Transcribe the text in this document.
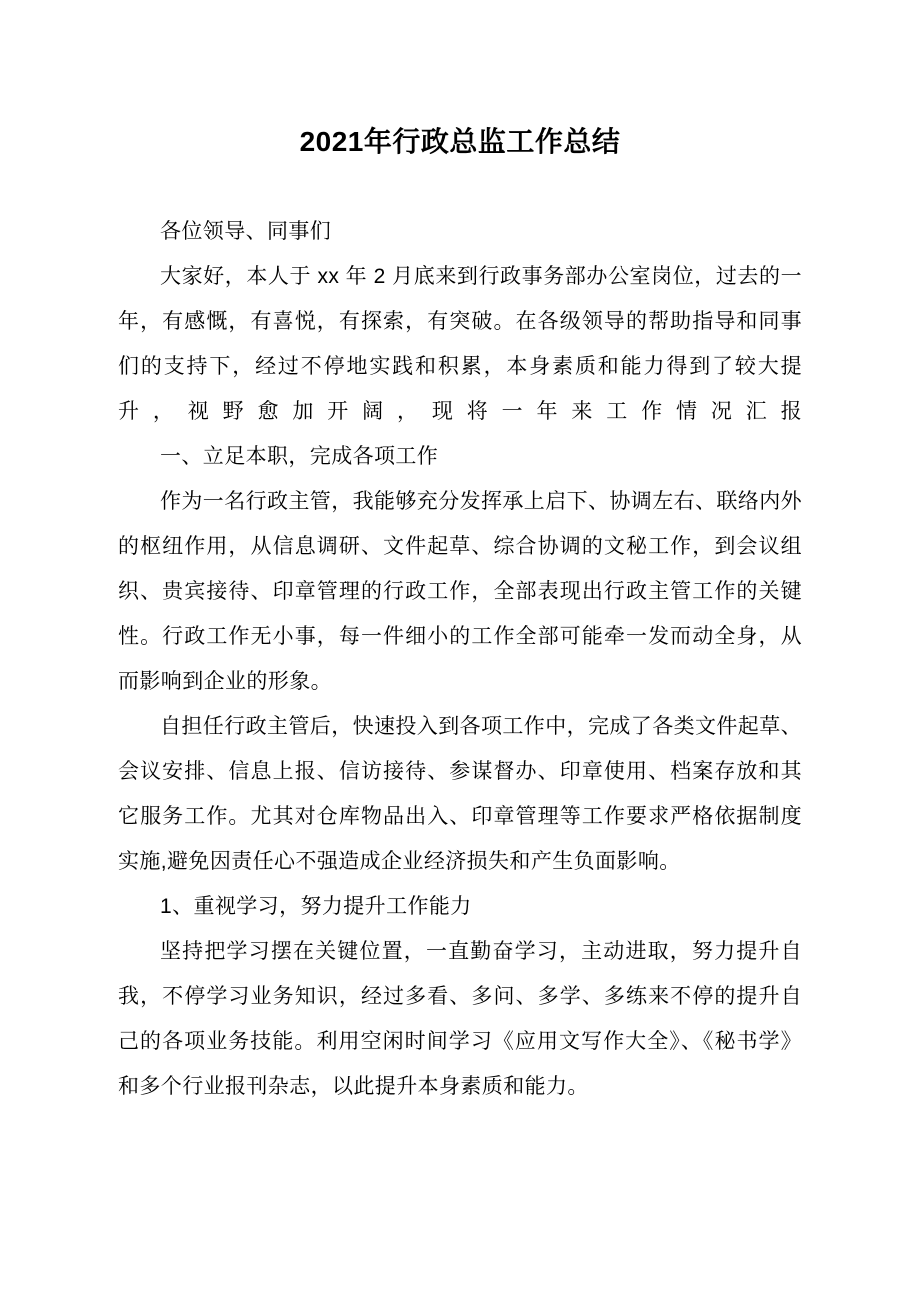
2021年行政总监工作总结

各位领导、同事们

大家好，本人于 xx 年 2 月底来到行政事务部办公室岗位，过去的一年，有感慨，有喜悦，有探索，有突破。在各级领导的帮助指导和同事们的支持下，经过不停地实践和积累，本身素质和能力得到了较大提升，视野愈加开阔，现将一年来工作情况汇报

一、立足本职，完成各项工作

作为一名行政主管，我能够充分发挥承上启下、协调左右、联络内外的枢纽作用，从信息调研、文件起草、综合协调的文秘工作，到会议组织、贵宾接待、印章管理的行政工作，全部表现出行政主管工作的关键性。行政工作无小事，每一件细小的工作全部可能牵一发而动全身，从而影响到企业的形象。

自担任行政主管后，快速投入到各项工作中，完成了各类文件起草、会议安排、信息上报、信访接待、参谋督办、印章使用、档案存放和其它服务工作。尤其对仓库物品出入、印章管理等工作要求严格依据制度实施,避免因责任心不强造成企业经济损失和产生负面影响。

1、重视学习，努力提升工作能力

坚持把学习摆在关键位置，一直勤奋学习，主动进取，努力提升自我，不停学习业务知识，经过多看、多问、多学、多练来不停的提升自己的各项业务技能。利用空闲时间学习《应用文写作大全》、《秘书学》和多个行业报刊杂志，以此提升本身素质和能力。
